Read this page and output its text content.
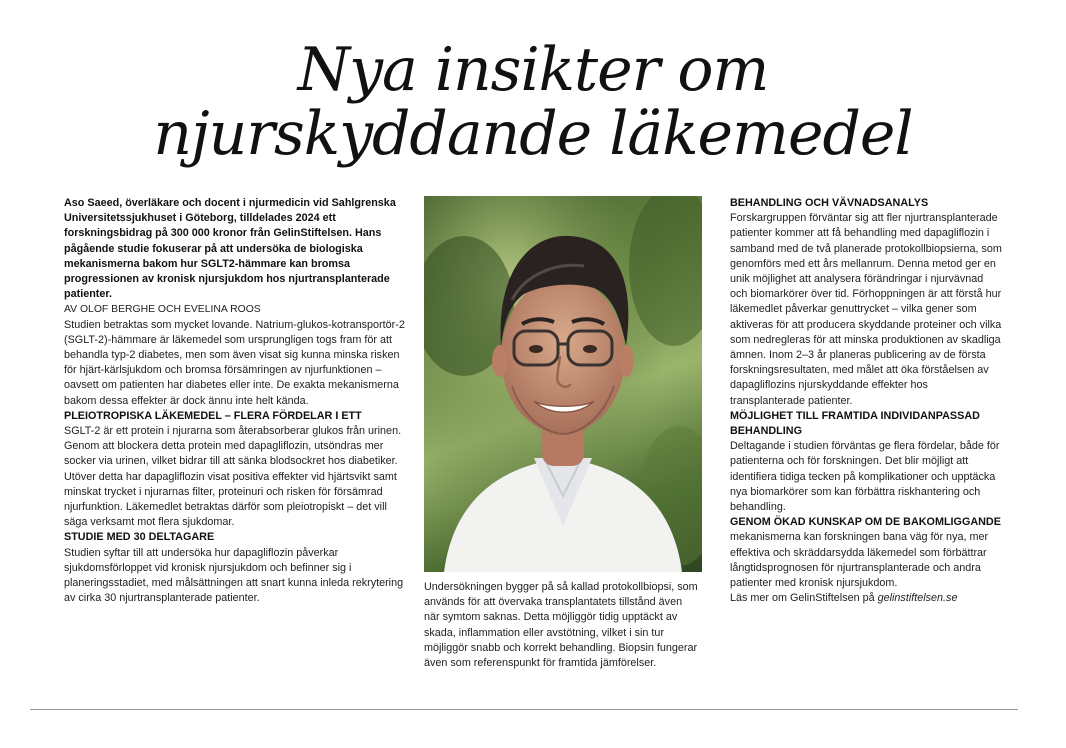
Nya insikter om
njurskyddande läkemedel

Aso Saeed, överläkare och docent i njurmedicin vid Sahlgrenska Universitetssjukhuset i Göteborg, tilldelades 2024 ett forskningsbidrag på 300 000 kronor från GelinStiftelsen. Hans pågående studie fokuserar på att undersöka de biologiska mekanismerna bakom hur SGLT2-hämmare kan bromsa progressionen av kronisk njursjukdom hos njurtransplanterade patienter.

AV OLOF BERGHE OCH EVELINA ROOS

Studien betraktas som mycket lovande. Natrium-glukos-kotransportör-2 (SGLT-2)-hämmare är läkemedel som ursprungligen togs fram för att behandla typ-2 diabetes, men som även visat sig kunna minska risken för hjärt-kärlsjukdom och bromsa försämringen av njurfunktionen – oavsett om patienten har diabetes eller inte. De exakta mekanismerna bakom dessa effekter är dock ännu inte helt kända.

PLEIOTROPISKA LÄKEMEDEL – FLERA FÖRDELAR I ETT

SGLT-2 är ett protein i njurarna som återabsorberar glukos från urinen. Genom att blockera detta protein med dapagliflozin, utsöndras mer socker via urinen, vilket bidrar till att sänka blodsockret hos diabetiker. Utöver detta har dapagliflozin visat positiva effekter vid hjärtsvikt samt minskat trycket i njurarnas filter, proteinuri och risken för försämrad njurfunktion. Läkemedlet betraktas därför som pleiotropiskt – det vill säga verksamt mot flera sjukdomar.

STUDIE MED 30 DELTAGARE

Studien syftar till att undersöka hur dapagliflozin påverkar sjukdomsförloppet vid kronisk njursjukdom och befinner sig i planeringsstadiet, med målsättningen att snart kunna inleda rekrytering av cirka 30 njurtransplanterade patienter.

Undersökningen bygger på så kallad protokollbiopsi, som används för att övervaka transplantatets tillstånd även när symtom saknas. Detta möjliggör tidig upptäckt av skada, inflammation eller avstötning, vilket i sin tur möjliggör snabb och korrekt behandling. Biopsin fungerar även som referenspunkt för framtida jämförelser.

BEHANDLING OCH VÄVNADSANALYS

Forskargruppen förväntar sig att fler njurtransplanterade patienter kommer att få behandling med dapagliflozin i samband med de två planerade protokollbiopsierna, som genomförs med ett års mellanrum. Denna metod ger en unik möjlighet att analysera förändringar i njurvävnad och biomarkörer över tid. Förhoppningen är att förstå hur läkemedlet påverkar genuttrycket – vilka gener som aktiveras för att producera skyddande proteiner och vilka som nedregleras för att minska produktionen av skadliga ämnen. Inom 2–3 år planeras publicering av de första forskningsresultaten, med målet att öka förståelsen av dapagliflozins njurskyddande effekter hos transplanterade patienter.

MÖJLIGHET TILL FRAMTIDA INDIVIDANPASSAD BEHANDLING

Deltagande i studien förväntas ge flera fördelar, både för patienterna och för forskningen. Det blir möjligt att identifiera tidiga tecken på komplikationer och upptäcka nya biomarkörer som kan förbättra riskhantering och behandling.

GENOM ÖKAD KUNSKAP OM DE BAKOMLIGGANDE mekanismerna kan forskningen bana väg för nya, mer effektiva och skräddarsydda läkemedel som förbättrar långtidsprognosen för njurtransplanterade och andra patienter med kronisk njursjukdom.

Läs mer om GelinStiftelsen på gelinstiftelsen.se
